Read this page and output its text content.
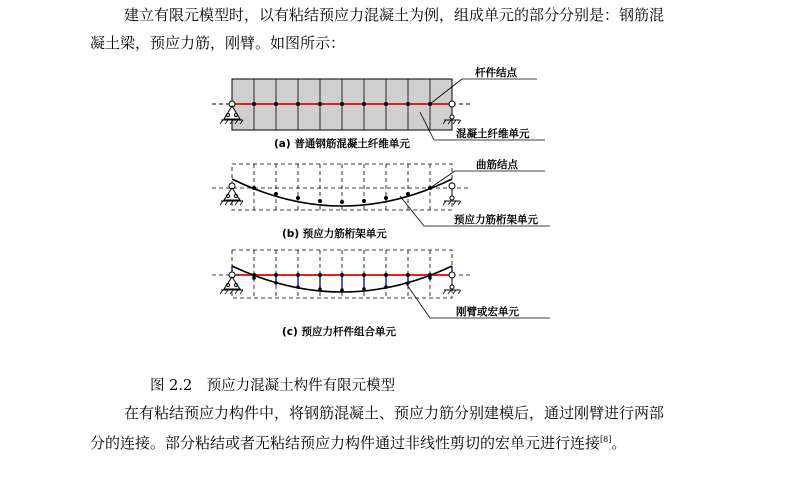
建立有限元模型时，以有粘结预应力混凝土为例，组成单元的部分分别是：钢筋混
凝土梁，预应力筋，刚臂。如图所示：
杆件结点
混凝土纤维单元
(a) 普通钢筋混凝土纤维单元
曲筋结点
预应力筋桁架单元
(b) 预应力筋桁架单元
刚臂或宏单元
(c) 预应力杆件组合单元
图 2.2　预应力混凝土构件有限元模型
在有粘结预应力构件中，将钢筋混凝土、预应力筋分别建模后，通过刚臂进行两部
分的连接。部分粘结或者无粘结预应力构件通过非线性剪切的宏单元进行连接[8]。
